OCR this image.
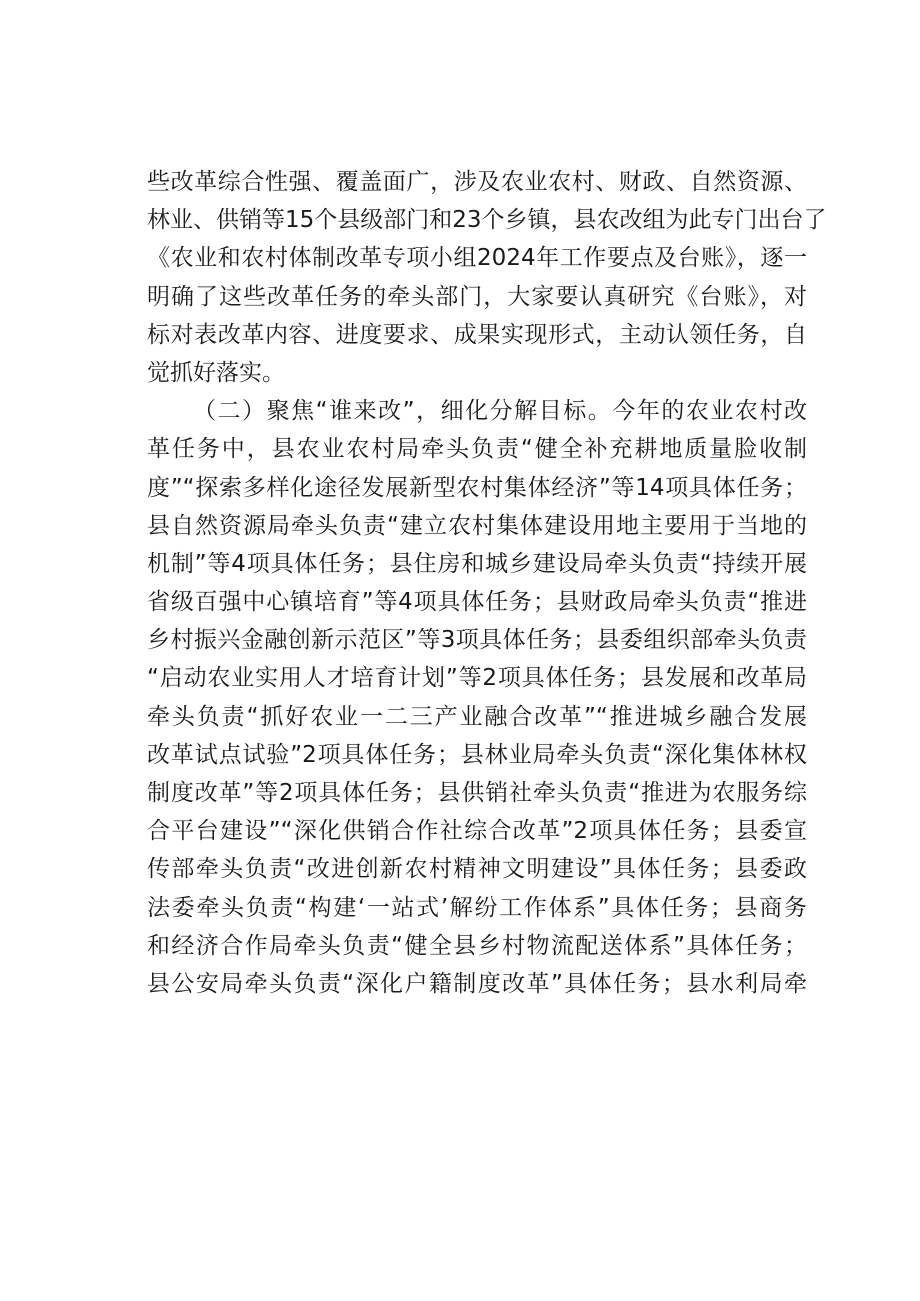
些改革综合性强、覆盖面广，涉及农业农村、财政、自然资源、
林业、供销等15个县级部门和23个乡镇，县农改组为此专门出台了
《农业和农村体制改革专项小组2024年工作要点及台账》，逐一
明确了这些改革任务的牵头部门，大家要认真研究《台账》，对
标对表改革内容、进度要求、成果实现形式，主动认领任务，自
觉抓好落实。
（二）聚焦“谁来改”，细化分解目标。今年的农业农村改
革任务中，县农业农村局牵头负责“健全补充耕地质量脸收制
度”“探索多样化途径发展新型农村集体经济”等14项具体任务；
县自然资源局牵头负责“建立农村集体建设用地主要用于当地的
机制”等4项具体任务；县住房和城乡建设局牵头负责“持续开展
省级百强中心镇培育”等4项具体任务；县财政局牵头负责“推进
乡村振兴金融创新示范区”等3项具体任务；县委组织部牵头负责
“启动农业实用人才培育计划”等2项具体任务；县发展和改革局
牵头负责“抓好农业一二三产业融合改革”“推进城乡融合发展
改革试点试验”2项具体任务；县林业局牵头负责“深化集体林权
制度改革”等2项具体任务；县供销社牵头负责“推进为农服务综
合平台建设”“深化供销合作社综合改革”2项具体任务；县委宣
传部牵头负责“改进创新农村精神文明建设”具体任务；县委政
法委牵头负责“构建‘一站式’解纷工作体系”具体任务；县商务
和经济合作局牵头负责“健全县乡村物流配送体系”具体任务；
县公安局牵头负责“深化户籍制度改革”具体任务；县水利局牵
